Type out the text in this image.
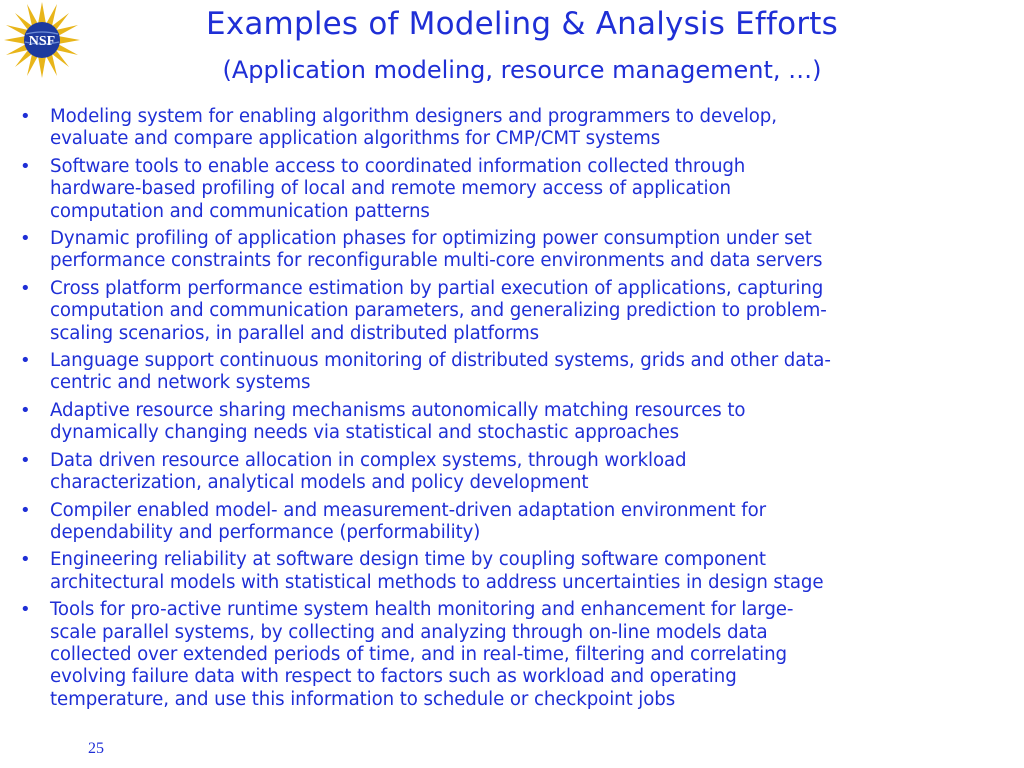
NSF	Examples of Modeling & Analysis Efforts
(Application modeling, resource management, …)
• Modeling system for enabling algorithm designers and programmers to develop,
evaluate and compare application algorithms for CMP/CMT systems
• Software tools to enable access to coordinated information collected through
hardware-based profiling of local and remote memory access of application
computation and communication patterns
• Dynamic profiling of application phases for optimizing power consumption under set
performance constraints for reconfigurable multi-core environments and data servers
• Cross platform performance estimation by partial execution of applications, capturing
computation and communication parameters, and generalizing prediction to problem-
scaling scenarios, in parallel and distributed platforms
• Language support continuous monitoring of distributed systems, grids and other data-
centric and network systems
• Adaptive resource sharing mechanisms autonomically matching resources to
dynamically changing needs via statistical and stochastic approaches
• Data driven resource allocation in complex systems, through workload
characterization, analytical models and policy development
• Compiler enabled model- and measurement-driven adaptation environment for
dependability and performance (performability)
• Engineering reliability at software design time by coupling software component
architectural models with statistical methods to address uncertainties in design stage
• Tools for pro-active runtime system health monitoring and enhancement for large-
scale parallel systems, by collecting and analyzing through on-line models data
collected over extended periods of time, and in real-time, filtering and correlating
evolving failure data with respect to factors such as workload and operating
temperature, and use this information to schedule or checkpoint jobs
25
